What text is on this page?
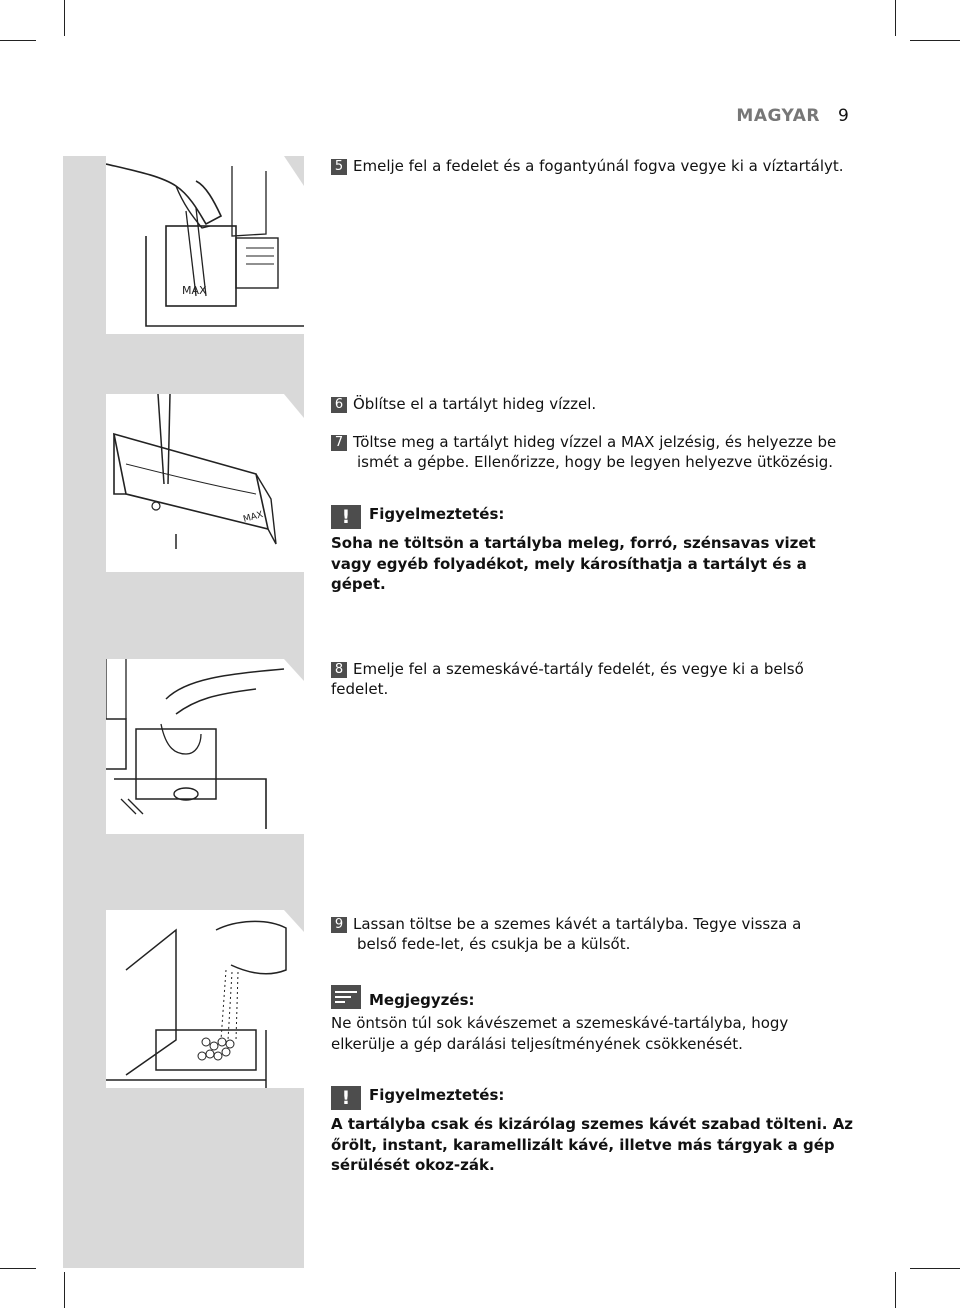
MAGYAR 9
MAX
MAX
5 Emelje fel a fedelet és a fogantyúnál fogva vegye ki a víztartályt.
6 Öblítse el a tartályt hideg vízzel.
7 Töltse meg a tartályt hideg vízzel a MAX jelzésig, és helyezze be ismét a gépbe. Ellenőrizze, hogy be legyen helyezve ütközésig.
! Figyelmeztetés:
Soha ne töltsön a tartályba meleg, forró, szénsavas vizet vagy egyéb folyadékot, mely károsíthatja a tartályt és a gépet.
8 Emelje fel a szemeskávé-tartály fedelét, és vegye ki a belső fedelet.
9 Lassan töltse be a szemes kávét a tartályba. Tegye vissza a belső fede-let, és csukja be a külsőt.
Megjegyzés:
Ne öntsön túl sok kávészemet a szemeskávé-tartályba, hogy elkerülje a gép darálási teljesítményének csökkenését.
! Figyelmeztetés:
A tartályba csak és kizárólag szemes kávét szabad tölteni. Az őrölt, instant, karamellizált kávé, illetve más tárgyak a gép sérülését okoz-zák.
